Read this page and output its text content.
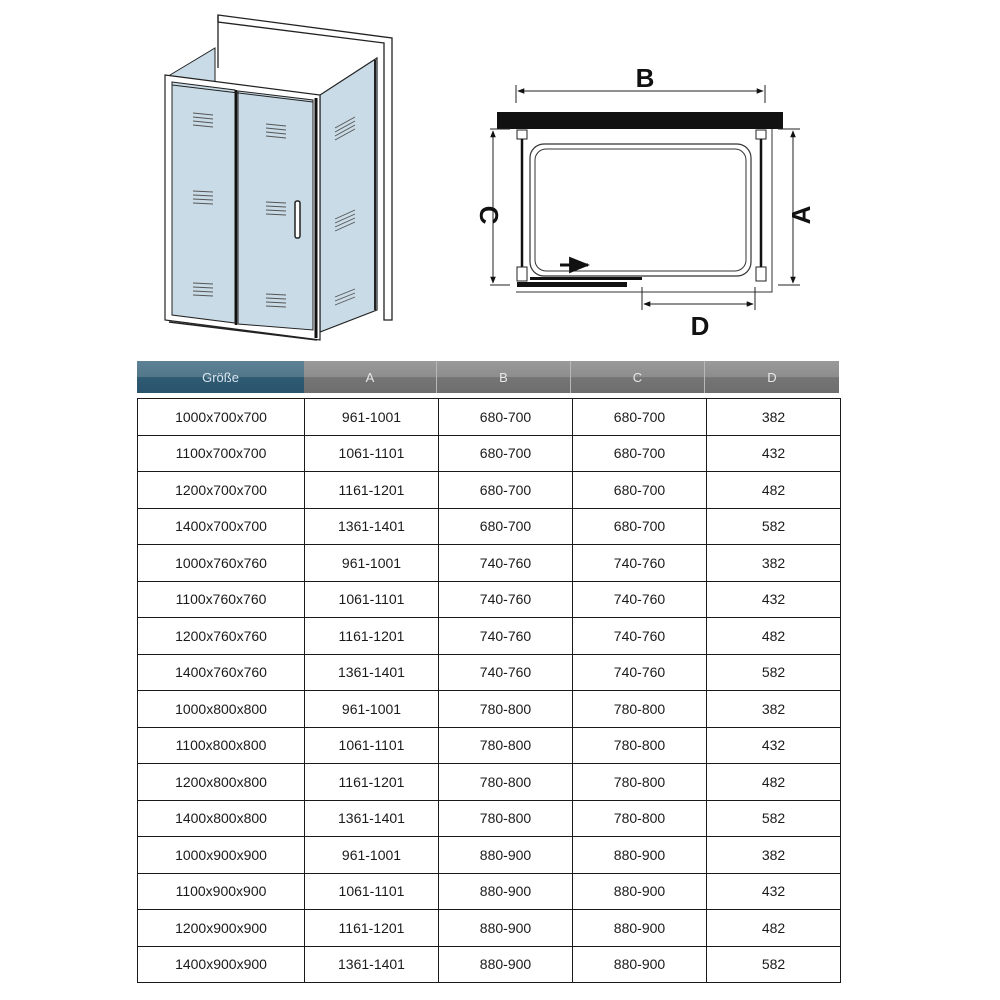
B
C	A
D
Größe	A	B	C	D
1000x700x700	961-1001	680-700	680-700	382
1100x700x700	1061-1101	680-700	680-700	432
1200x700x700	1161-1201	680-700	680-700	482
1400x700x700	1361-1401	680-700	680-700	582
1000x760x760	961-1001	740-760	740-760	382
1100x760x760	1061-1101	740-760	740-760	432
1200x760x760	1161-1201	740-760	740-760	482
1400x760x760	1361-1401	740-760	740-760	582
1000x800x800	961-1001	780-800	780-800	382
1100x800x800	1061-1101	780-800	780-800	432
1200x800x800	1161-1201	780-800	780-800	482
1400x800x800	1361-1401	780-800	780-800	582
1000x900x900	961-1001	880-900	880-900	382
1100x900x900	1061-1101	880-900	880-900	432
1200x900x900	1161-1201	880-900	880-900	482
1400x900x900	1361-1401	880-900	880-900	582
